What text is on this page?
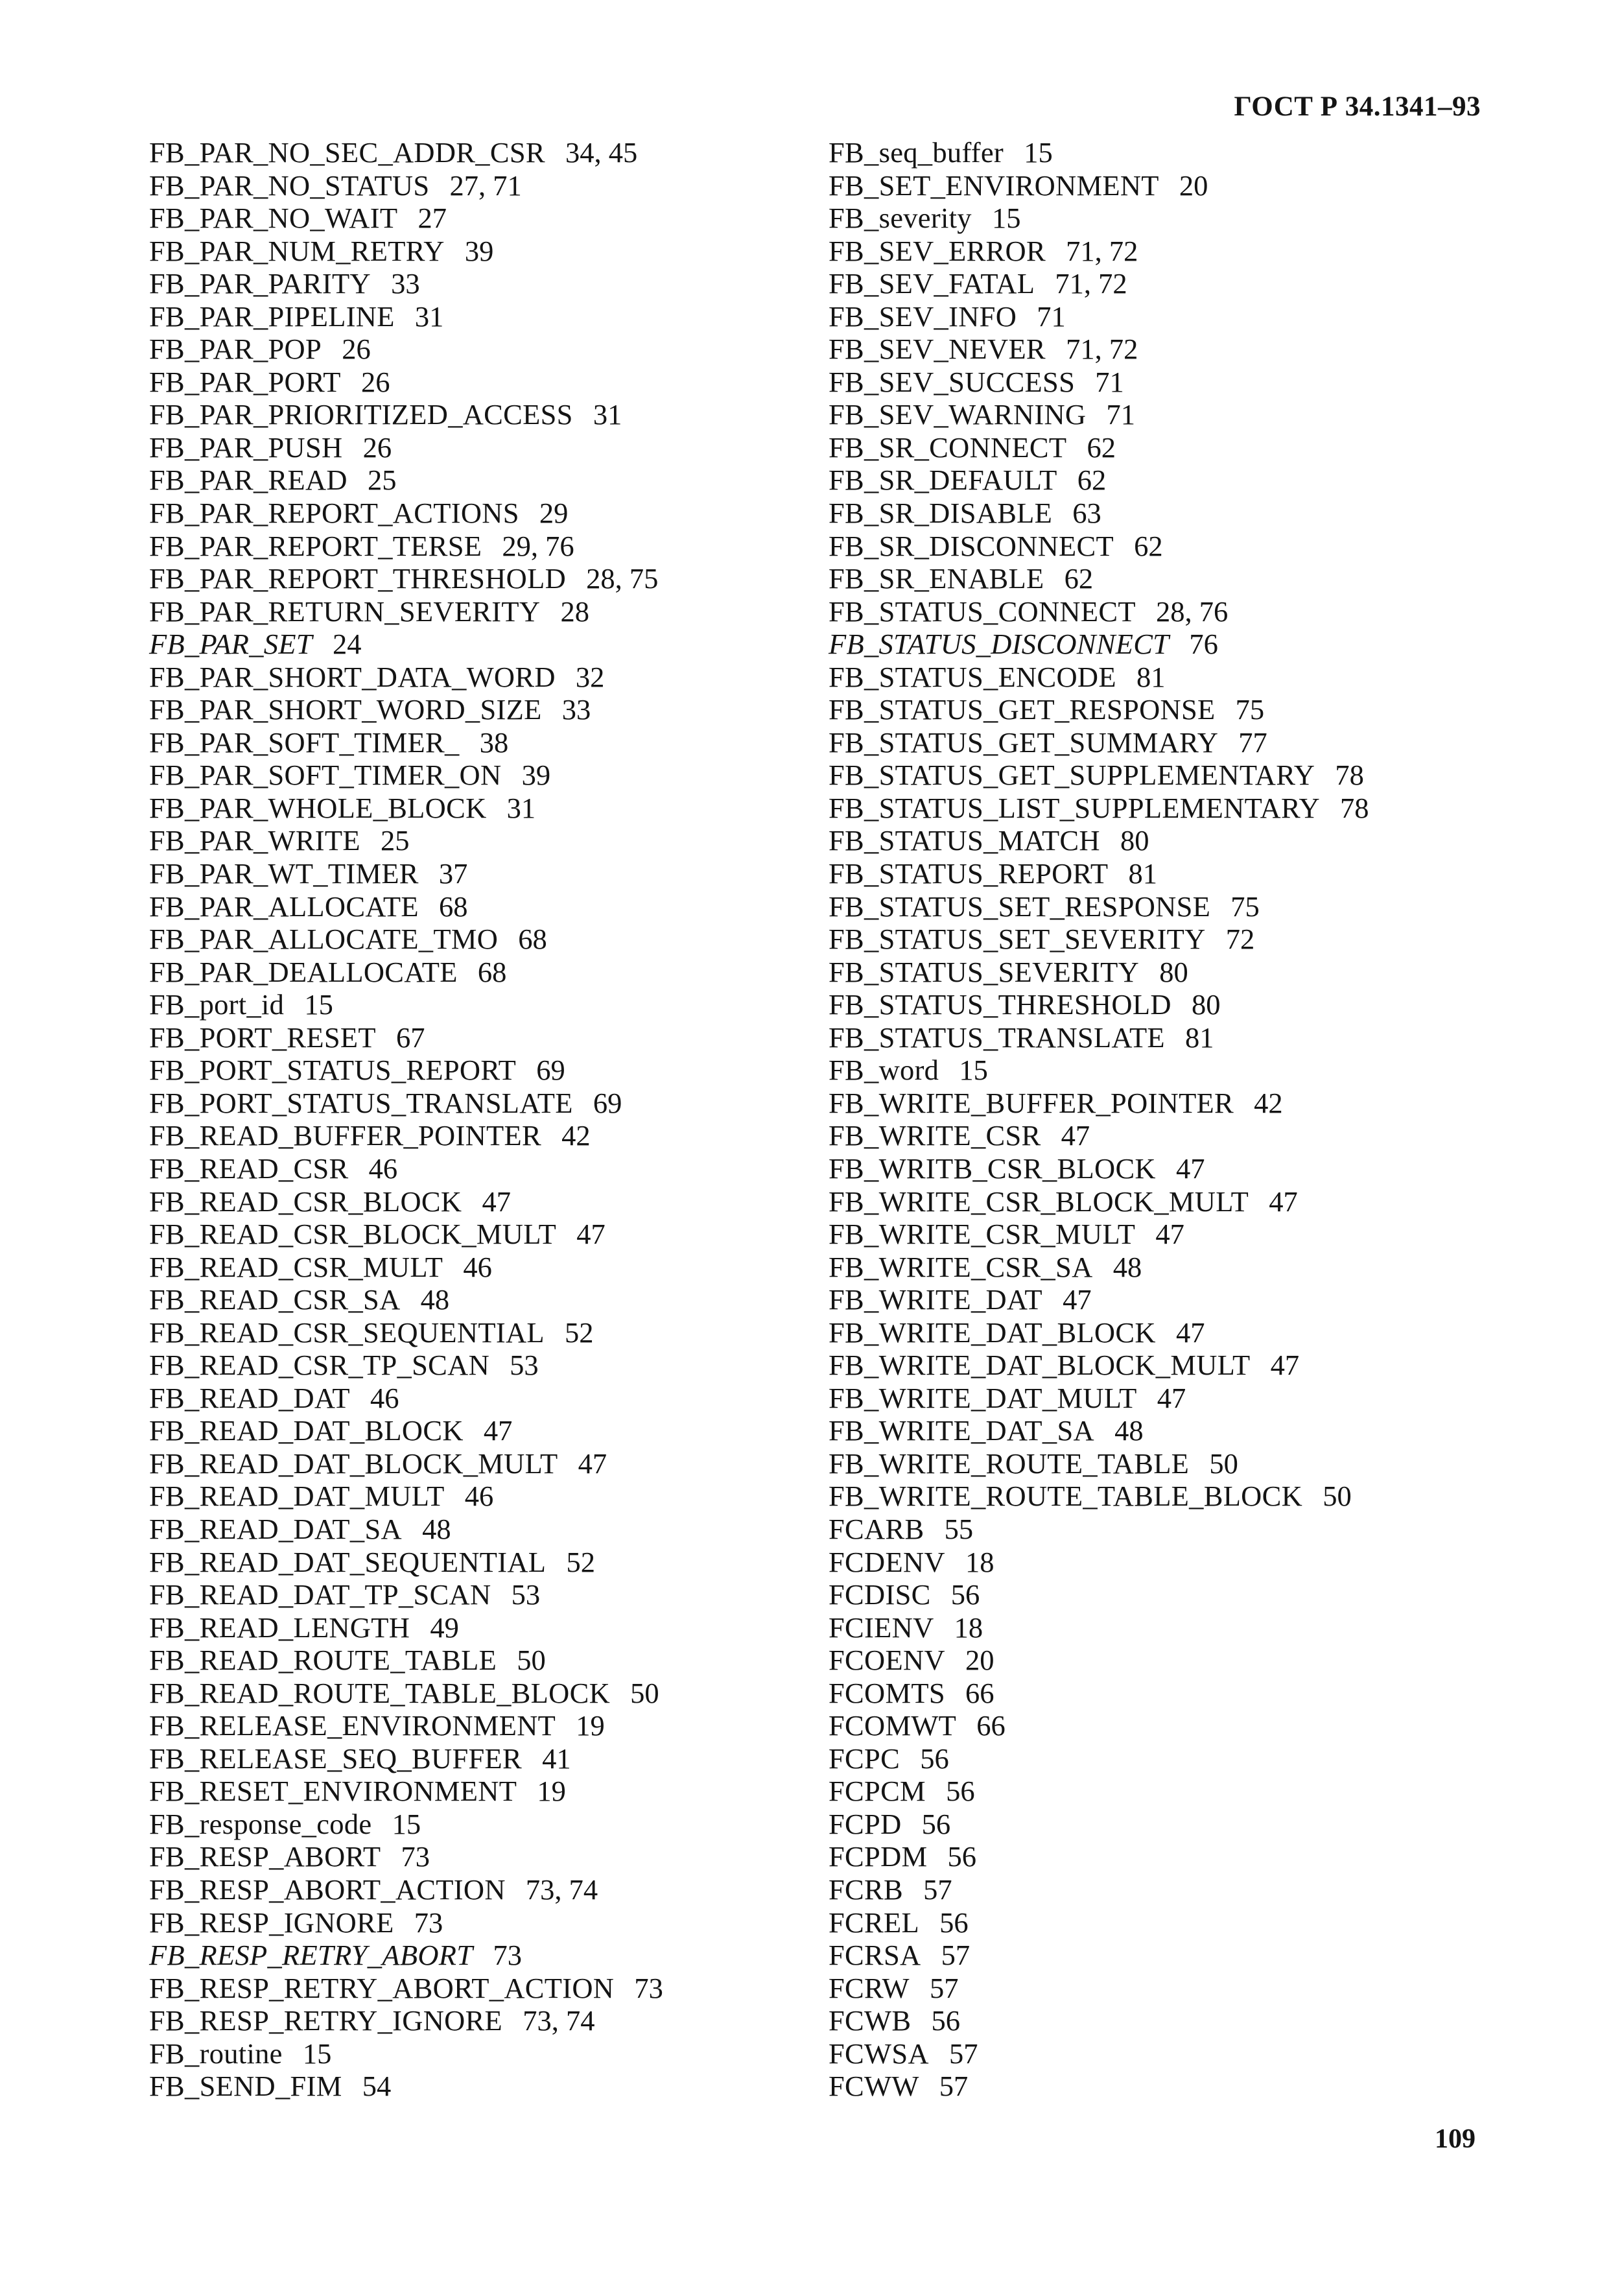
ГОСТ Р 34.1341–93
FB_PAR_NO_SEC_ADDR_CSR 34, 45
FB_PAR_NO_STATUS 27, 71
FB_PAR_NO_WAIT 27
FB_PAR_NUM_RETRY 39
FB_PAR_PARITY 33
FB_PAR_PIPELINE 31
FB_PAR_POP 26
FB_PAR_PORT 26
FB_PAR_PRIORITIZED_ACCESS 31
FB_PAR_PUSH 26
FB_PAR_READ 25
FB_PAR_REPORT_ACTIONS 29
FB_PAR_REPORT_TERSE 29, 76
FB_PAR_REPORT_THRESHOLD 28, 75
FB_PAR_RETURN_SEVERITY 28
FB_PAR_SET 24
FB_PAR_SHORT_DATA_WORD 32
FB_PAR_SHORT_WORD_SIZE 33
FB_PAR_SOFT_TIMER_ 38
FB_PAR_SOFT_TIMER_ON 39
FB_PAR_WHOLE_BLOCK 31
FB_PAR_WRITE 25
FB_PAR_WT_TIMER 37
FB_PAR_ALLOCATE 68
FB_PAR_ALLOCATE_TMO 68
FB_PAR_DEALLOCATE 68
FB_port_id 15
FB_PORT_RESET 67
FB_PORT_STATUS_REPORT 69
FB_PORT_STATUS_TRANSLATE 69
FB_READ_BUFFER_POINTER 42
FB_READ_CSR 46
FB_READ_CSR_BLOCK 47
FB_READ_CSR_BLOCK_MULT 47
FB_READ_CSR_MULT 46
FB_READ_CSR_SA 48
FB_READ_CSR_SEQUENTIAL 52
FB_READ_CSR_TP_SCAN 53
FB_READ_DAT 46
FB_READ_DAT_BLOCK 47
FB_READ_DAT_BLOCK_MULT 47
FB_READ_DAT_MULT 46
FB_READ_DAT_SA 48
FB_READ_DAT_SEQUENTIAL 52
FB_READ_DAT_TP_SCAN 53
FB_READ_LENGTH 49
FB_READ_ROUTE_TABLE 50
FB_READ_ROUTE_TABLE_BLOCK 50
FB_RELEASE_ENVIRONMENT 19
FB_RELEASE_SEQ_BUFFER 41
FB_RESET_ENVIRONMENT 19
FB_response_code 15
FB_RESP_ABORT 73
FB_RESP_ABORT_ACTION 73, 74
FB_RESP_IGNORE 73
FB_RESP_RETRY_ABORT 73
FB_RESP_RETRY_ABORT_ACTION 73
FB_RESP_RETRY_IGNORE 73, 74
FB_routine 15
FB_SEND_FIM 54
FB_seq_buffer 15
FB_SET_ENVIRONMENT 20
FB_severity 15
FB_SEV_ERROR 71, 72
FB_SEV_FATAL 71, 72
FB_SEV_INFO 71
FB_SEV_NEVER 71, 72
FB_SEV_SUCCESS 71
FB_SEV_WARNING 71
FB_SR_CONNECT 62
FB_SR_DEFAULT 62
FB_SR_DISABLE 63
FB_SR_DISCONNECT 62
FB_SR_ENABLE 62
FB_STATUS_CONNECT 28, 76
FB_STATUS_DISCONNECT 76
FB_STATUS_ENCODE 81
FB_STATUS_GET_RESPONSE 75
FB_STATUS_GET_SUMMARY 77
FB_STATUS_GET_SUPPLEMENTARY 78
FB_STATUS_LIST_SUPPLEMENTARY 78
FB_STATUS_MATCH 80
FB_STATUS_REPORT 81
FB_STATUS_SET_RESPONSE 75
FB_STATUS_SET_SEVERITY 72
FB_STATUS_SEVERITY 80
FB_STATUS_THRESHOLD 80
FB_STATUS_TRANSLATE 81
FB_word 15
FB_WRITE_BUFFER_POINTER 42
FB_WRITE_CSR 47
FB_WRITB_CSR_BLOCK 47
FB_WRITE_CSR_BLOCK_MULT 47
FB_WRITE_CSR_MULT 47
FB_WRITE_CSR_SA 48
FB_WRITE_DAT 47
FB_WRITE_DAT_BLOCK 47
FB_WRITE_DAT_BLOCK_MULT 47
FB_WRITE_DAT_MULT 47
FB_WRITE_DAT_SA 48
FB_WRITE_ROUTE_TABLE 50
FB_WRITE_ROUTE_TABLE_BLOCK 50
FCARB 55
FCDENV 18
FCDISC 56
FCIENV 18
FCOENV 20
FCOMTS 66
FCOMWT 66
FCPC 56
FCPCM 56
FCPD 56
FCPDM 56
FCRB 57
FCREL 56
FCRSA 57
FCRW 57
FCWB 56
FCWSA 57
FCWW 57
109
